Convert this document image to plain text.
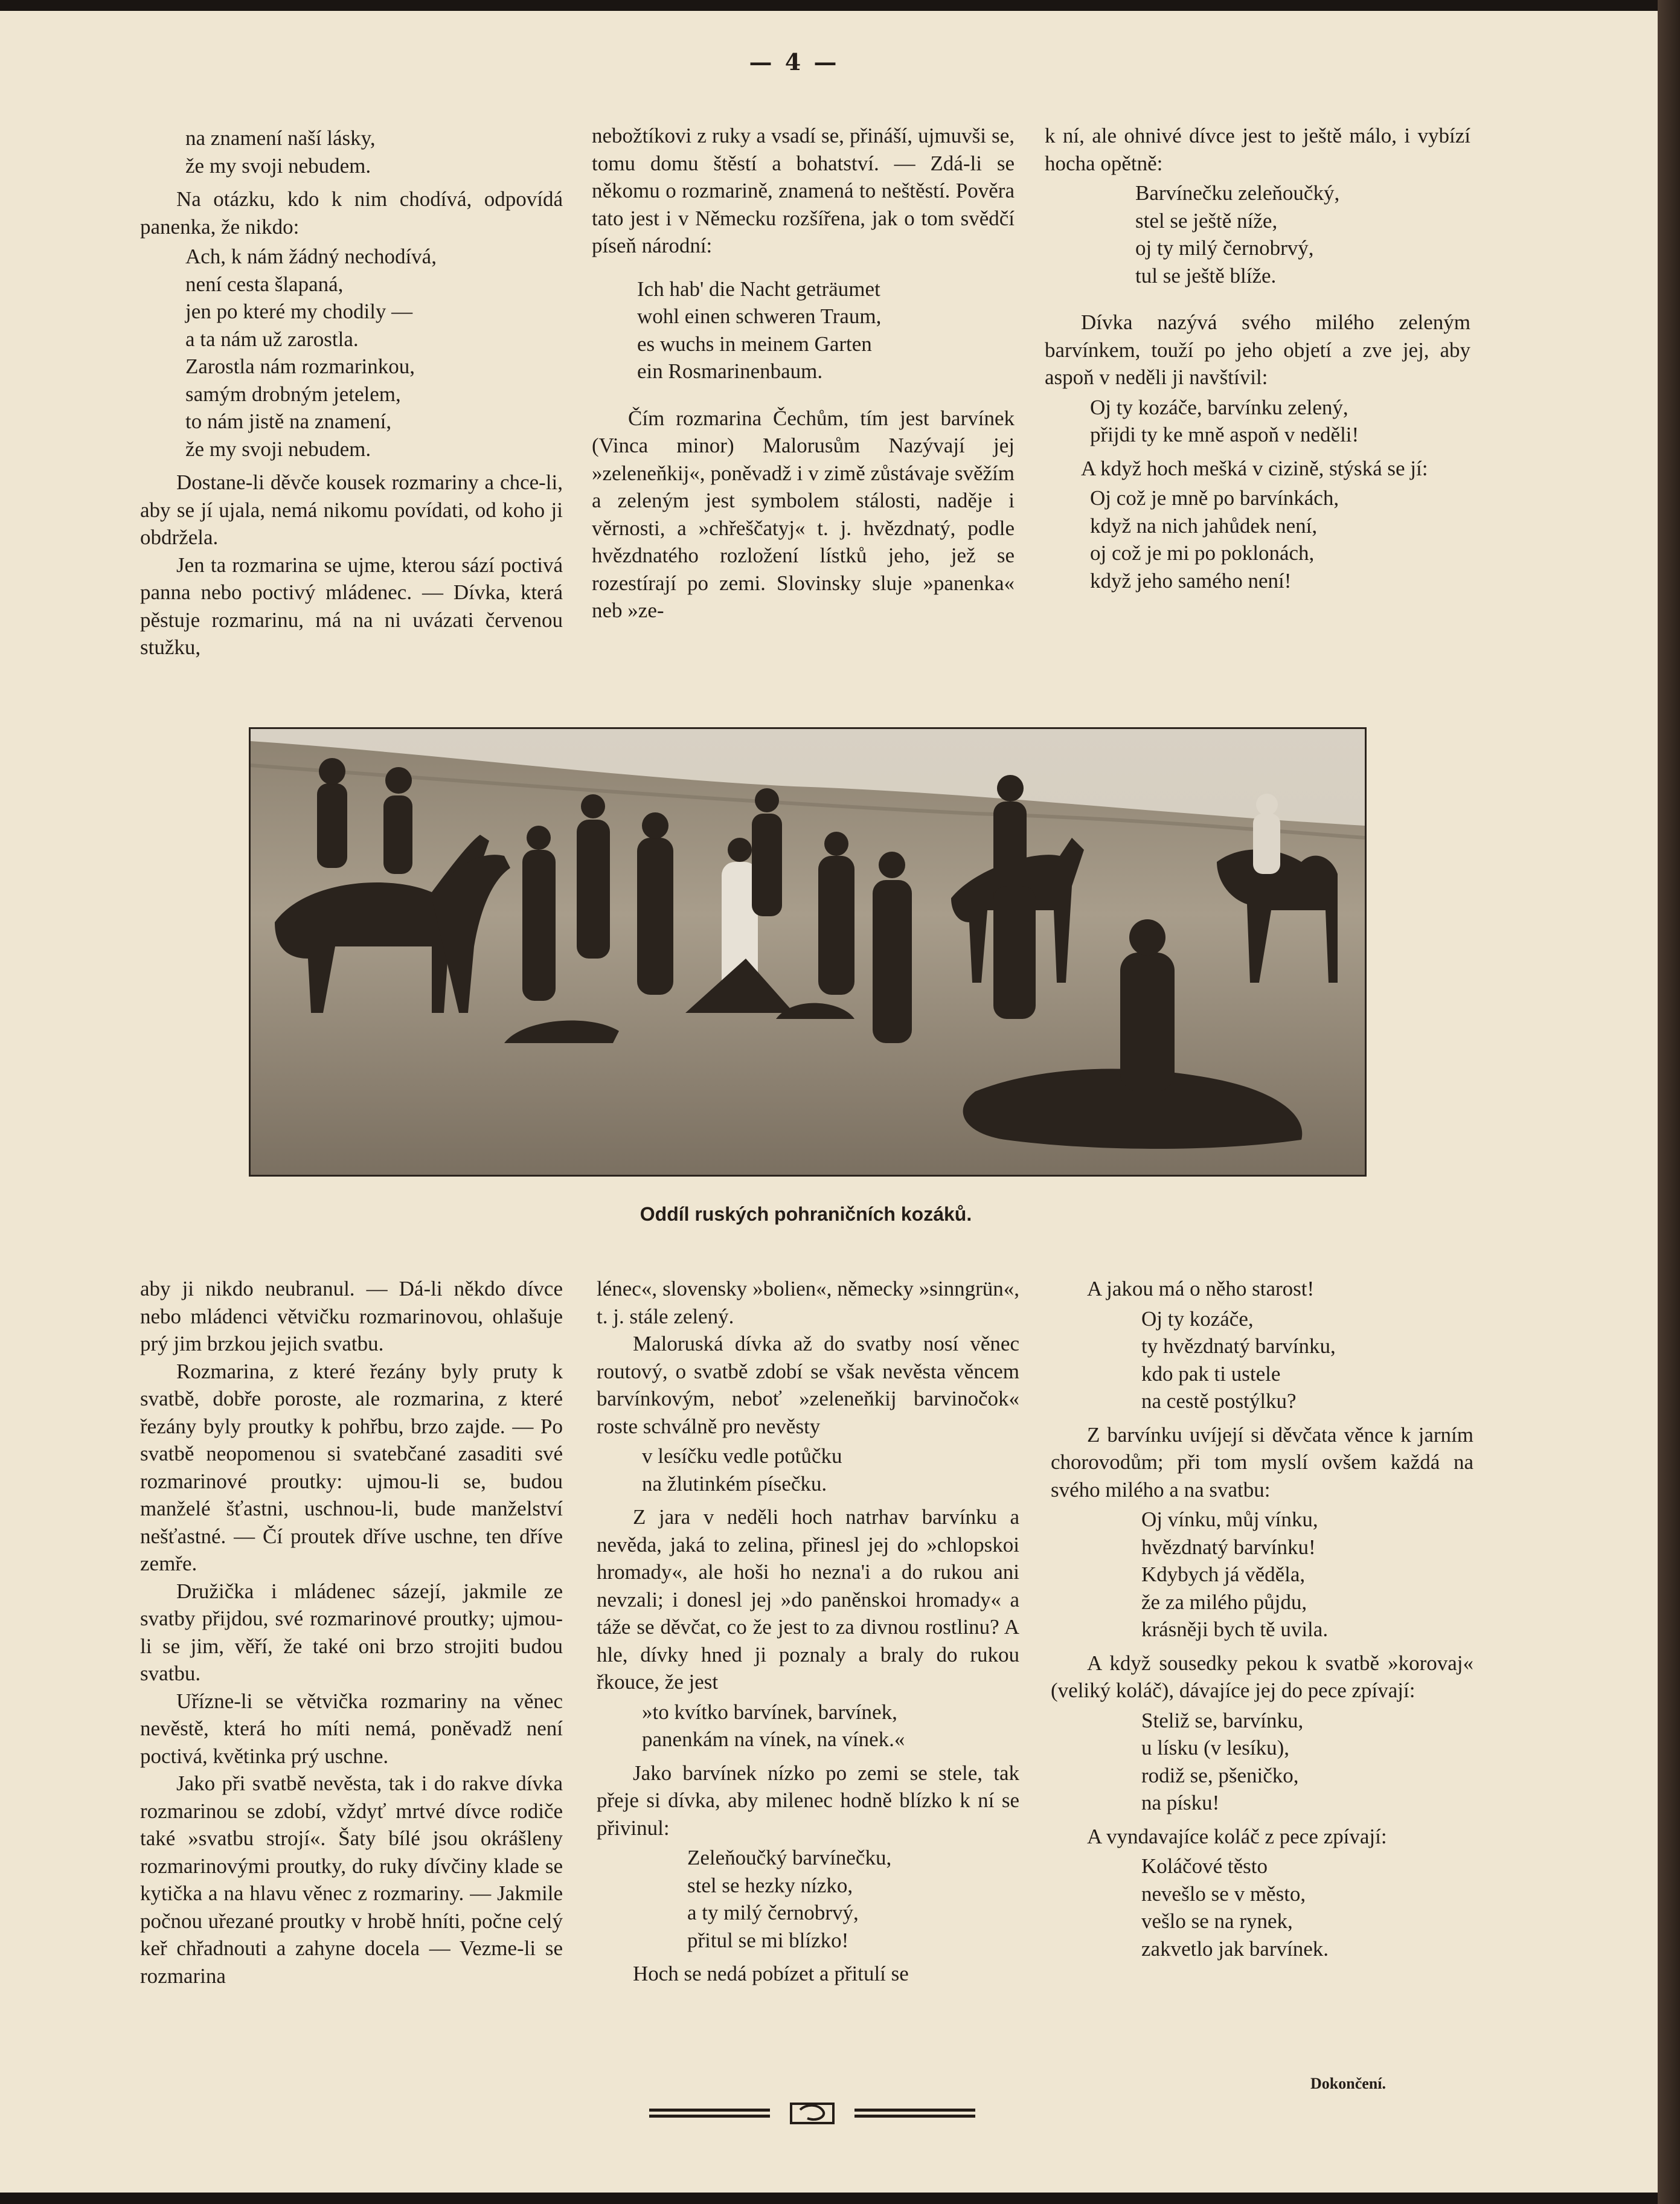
— 4 —
na znamení naší lásky,
že my svoji nebudem.

Na otázku, kdo k nim chodívá, odpovídá panenka, že nikdo:

Ach, k nám žádný nechodívá,
není cesta šlapaná,
jen po které my chodily —
a ta nám už zarostla.
Zarostla nám rozmarinkou,
samým drobným jetelem,
to nám jistě na znamení,
že my svoji nebudem.

Dostane-li děvče kousek rozmariny a chce-li, aby se jí ujala, nemá nikomu povídati, od koho ji obdržela.

Jen ta rozmarina se ujme, kterou sází poctivá panna nebo poctivý mládenec. — Dívka, která pěstuje rozmarinu, má na ni uvázati červenou stužku,

nebožtíkovi z ruky a vsadí se, přináší, ujmuvši se, tomu domu štěstí a bohatství. — Zdá-li se někomu o rozmarině, znamená to neštěstí. Pověra tato jest i v Německu rozšířena, jak o tom svědčí píseň národní:

Ich hab' die Nacht geträumet
wohl einen schweren Traum,
es wuchs in meinem Garten
ein Rosmarinenbaum.

Čím rozmarina Čechům, tím jest barvínek (Vinca minor) Malorusům Nazývají jej »zeleneňkij«, poněvadž i v zimě zůstávaje svěžím a zeleným jest symbolem stálosti, naděje i věrnosti, a »chřeščatyj« t. j. hvězdnatý, podle hvězdnatého rozložení lístků jeho, jež se rozestírají po zemi. Slovinsky sluje »panenka« neb »ze-

k ní, ale ohnivé dívce jest to ještě málo, i vybízí hocha opětně:

Barvínečku zeleňoučký,
stel se ještě níže,
oj ty milý černobrvý,
tul se ještě blíže.

Dívka nazývá svého milého zeleným barvínkem, touží po jeho objetí a zve jej, aby aspoň v neděli ji navštívil:

Oj ty kozáče, barvínku zelený,
přijdi ty ke mně aspoň v neděli!

A když hoch mešká v cizině, stýská se jí:

Oj což je mně po barvínkách,
když na nich jahůdek není,
oj což je mi po poklonách,
když jeho samého není!
Oddíl ruských pohraničních kozáků.

aby ji nikdo neubranul. — Dá-li někdo dívce nebo mládenci větvičku rozmarinovou, ohlašuje prý jim brzkou jejich svatbu.

Rozmarina, z které řezány byly pruty k svatbě, dobře poroste, ale rozmarina, z které řezány byly proutky k pohřbu, brzo zajde. — Po svatbě neopomenou si svatebčané zasaditi své rozmarinové proutky: ujmou-li se, budou manželé šťastni, uschnou-li, bude manželství nešťastné. — Čí proutek dříve uschne, ten dříve zemře.

Družička i mládenec sázejí, jakmile ze svatby přijdou, své rozmarinové proutky; ujmou-li se jim, věří, že také oni brzo strojiti budou svatbu.

Uřízne-li se větvička rozmariny na věnec nevěstě, která ho míti nemá, poněvadž není poctivá, květinka prý uschne.

Jako při svatbě nevěsta, tak i do rakve dívka rozmarinou se zdobí, vždyť mrtvé dívce rodiče také »svatbu strojí«. Šaty bílé jsou okrášleny rozmarinovými proutky, do ruky dívčiny klade se kytička a na hlavu věnec z rozmariny. — Jakmile počnou uřezané proutky v hrobě hníti, počne celý keř chřadnouti a zahyne docela — Vezme-li se rozmarina

lénec«, slovensky »bolien«, německy »sinngrün«, t. j. stále zelený.

Maloruská dívka až do svatby nosí věnec routový, o svatbě zdobí se však nevěsta věncem barvínkovým, neboť »zeleneňkij barvinočok« roste schválně pro nevěsty

v lesíčku vedle potůčku
na žlutinkém písečku.

Z jara v neděli hoch natrhav barvínku a nevěda, jaká to zelina, přinesl jej do »chlopskoi hromady«, ale hoši ho nezna'i a do rukou ani nevzali; i donesl jej »do paněnskoi hromady« a táže se děvčat, co že jest to za divnou rostlinu? A hle, dívky hned ji poznaly a braly do rukou řkouce, že jest

»to kvítko barvínek, barvínek,
panenkám na vínek, na vínek.«

Jako barvínek nízko po zemi se stele, tak přeje si dívka, aby milenec hodně blízko k ní se přivinul:

Zeleňoučký barvínečku,
stel se hezky nízko,
a ty milý černobrvý,
přitul se mi blízko!

Hoch se nedá pobízet a přitulí se

A jakou má o něho starost!

Oj ty kozáče,
ty hvězdnatý barvínku,
kdo pak ti ustele
na cestě postýlku?

Z barvínku uvíjejí si děvčata věnce k jarním chorovodům; při tom myslí ovšem každá na svého milého a na svatbu:

Oj vínku, můj vínku,
hvězdnatý barvínku!
Kdybych já věděla,
že za milého půjdu,
krásněji bych tě uvila.

A když sousedky pekou k svatbě »korovaj« (veliký koláč), dávajíce jej do pece zpívají:

Steliž se, barvínku,
u lísku (v lesíku),
rodiž se, pšeničko,
na písku!

A vyndavajíce koláč z pece zpívají:

Koláčové těsto
nevešlo se v město,
vešlo se na rynek,
zakvetlo jak barvínek.
Dokončení.
